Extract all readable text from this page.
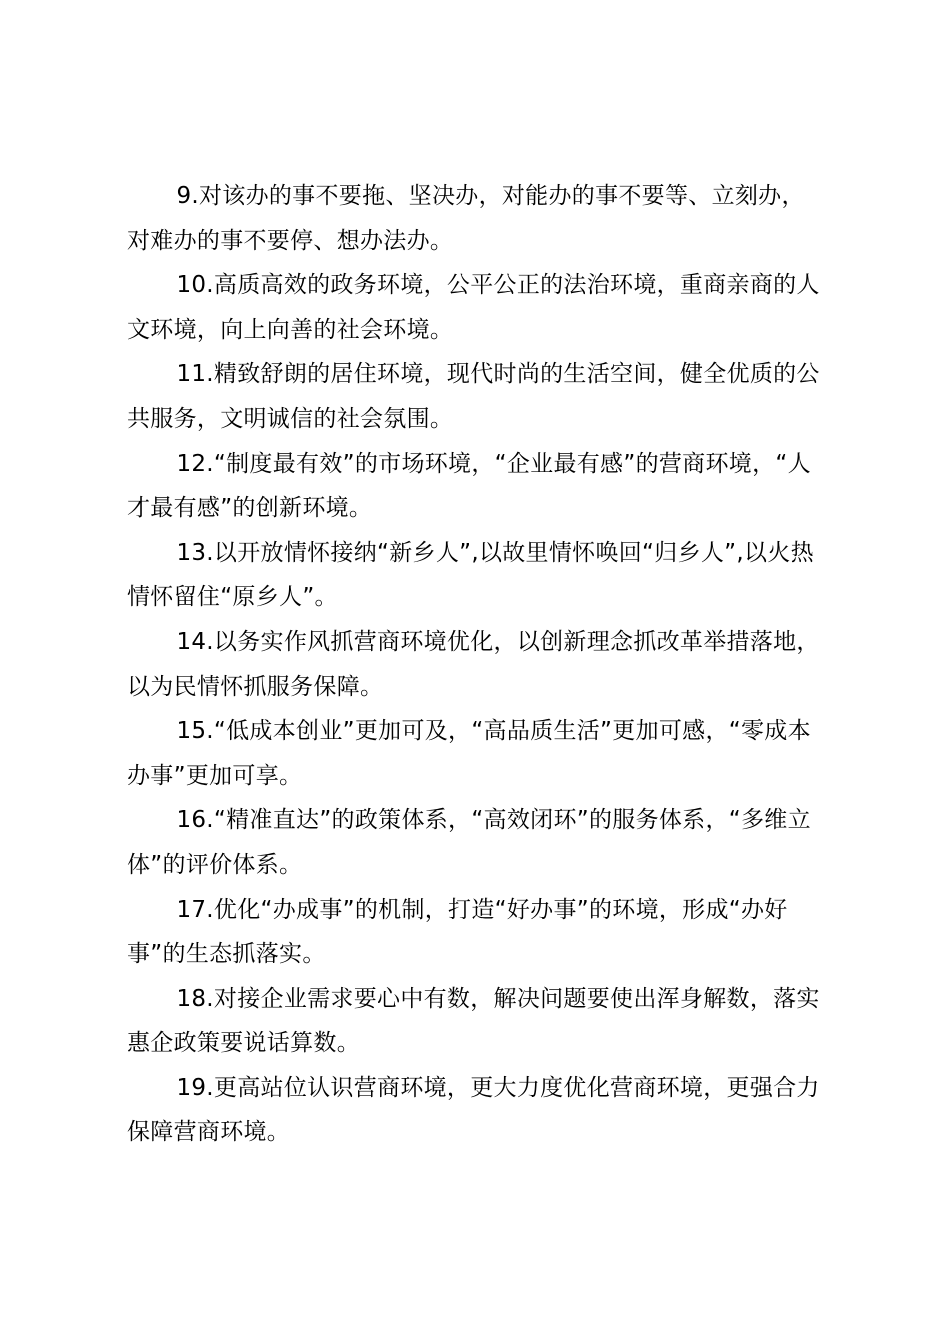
9.对该办的事不要拖、坚决办，对能办的事不要等、立刻办，对难办的事不要停、想办法办。

10.高质高效的政务环境，公平公正的法治环境，重商亲商的人文环境，向上向善的社会环境。

11.精致舒朗的居住环境，现代时尚的生活空间，健全优质的公共服务，文明诚信的社会氛围。

12.“制度最有效”的市场环境，“企业最有感”的营商环境，“人才最有感”的创新环境。

13.以开放情怀接纳“新乡人”,以故里情怀唤回“归乡人”,以火热情怀留住“原乡人”。

14.以务实作风抓营商环境优化，以创新理念抓改革举措落地，以为民情怀抓服务保障。

15.“低成本创业”更加可及，“高品质生活”更加可感，“零成本办事”更加可享。

16.“精准直达”的政策体系，“高效闭环”的服务体系，“多维立体”的评价体系。

17.优化“办成事”的机制，打造“好办事”的环境，形成“办好事”的生态抓落实。

18.对接企业需求要心中有数，解决问题要使出浑身解数，落实惠企政策要说话算数。

19.更高站位认识营商环境，更大力度优化营商环境，更强合力保障营商环境。
